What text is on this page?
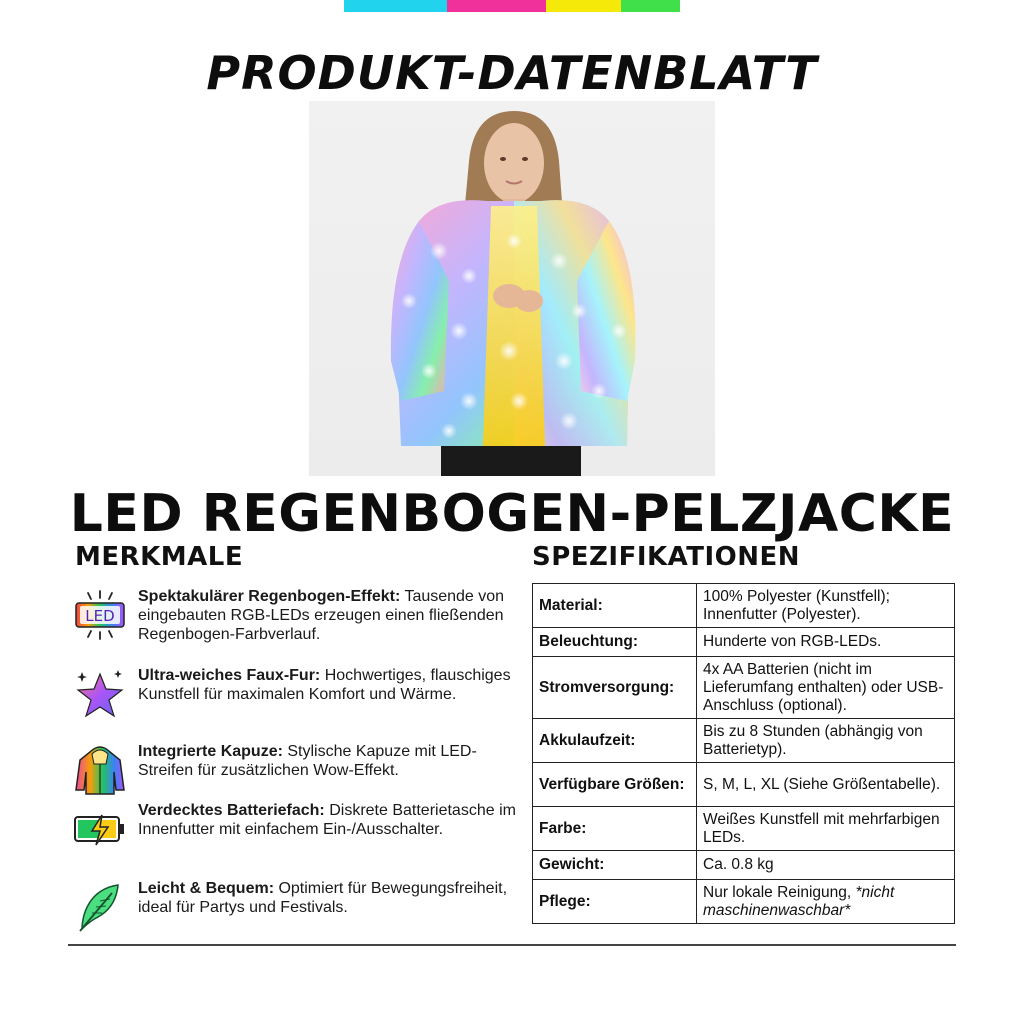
PRODUKT-DATENBLATT
LED REGENBOGEN-PELZJACKE
MERKMALE	SPEZIFIKATIONEN
LED
Spektakulärer Regenbogen-Effekt: Tausende von eingebauten RGB-LEDs erzeugen einen fließenden Regenbogen-Farbverlauf.
Ultra-weiches Faux-Fur: Hochwertiges, flauschiges Kunstfell für maximalen Komfort und Wärme.
Integrierte Kapuze: Stylische Kapuze mit LED-Streifen für zusätzlichen Wow-Effekt.
Verdecktes Batteriefach: Diskrete Batterietasche im Innenfutter mit einfachem Ein-/Ausschalter.
Leicht & Bequem: Optimiert für Bewegungsfreiheit, ideal für Partys und Festivals.
Material:	100% Polyester (Kunstfell); Innenfutter (Polyester).
Beleuchtung:	Hunderte von RGB-LEDs.
Stromversorgung:	4x AA Batterien (nicht im Lieferumfang enthalten) oder USB-Anschluss (optional).
Akkulaufzeit:	Bis zu 8 Stunden (abhängig von Batterietyp).
Verfügbare Größen:	S, M, L, XL (Siehe Größentabelle).
Farbe:	Weißes Kunstfell mit mehrfarbigen LEDs.
Gewicht:	Ca. 0.8 kg
Pflege:	Nur lokale Reinigung, *nicht maschinenwaschbar*
